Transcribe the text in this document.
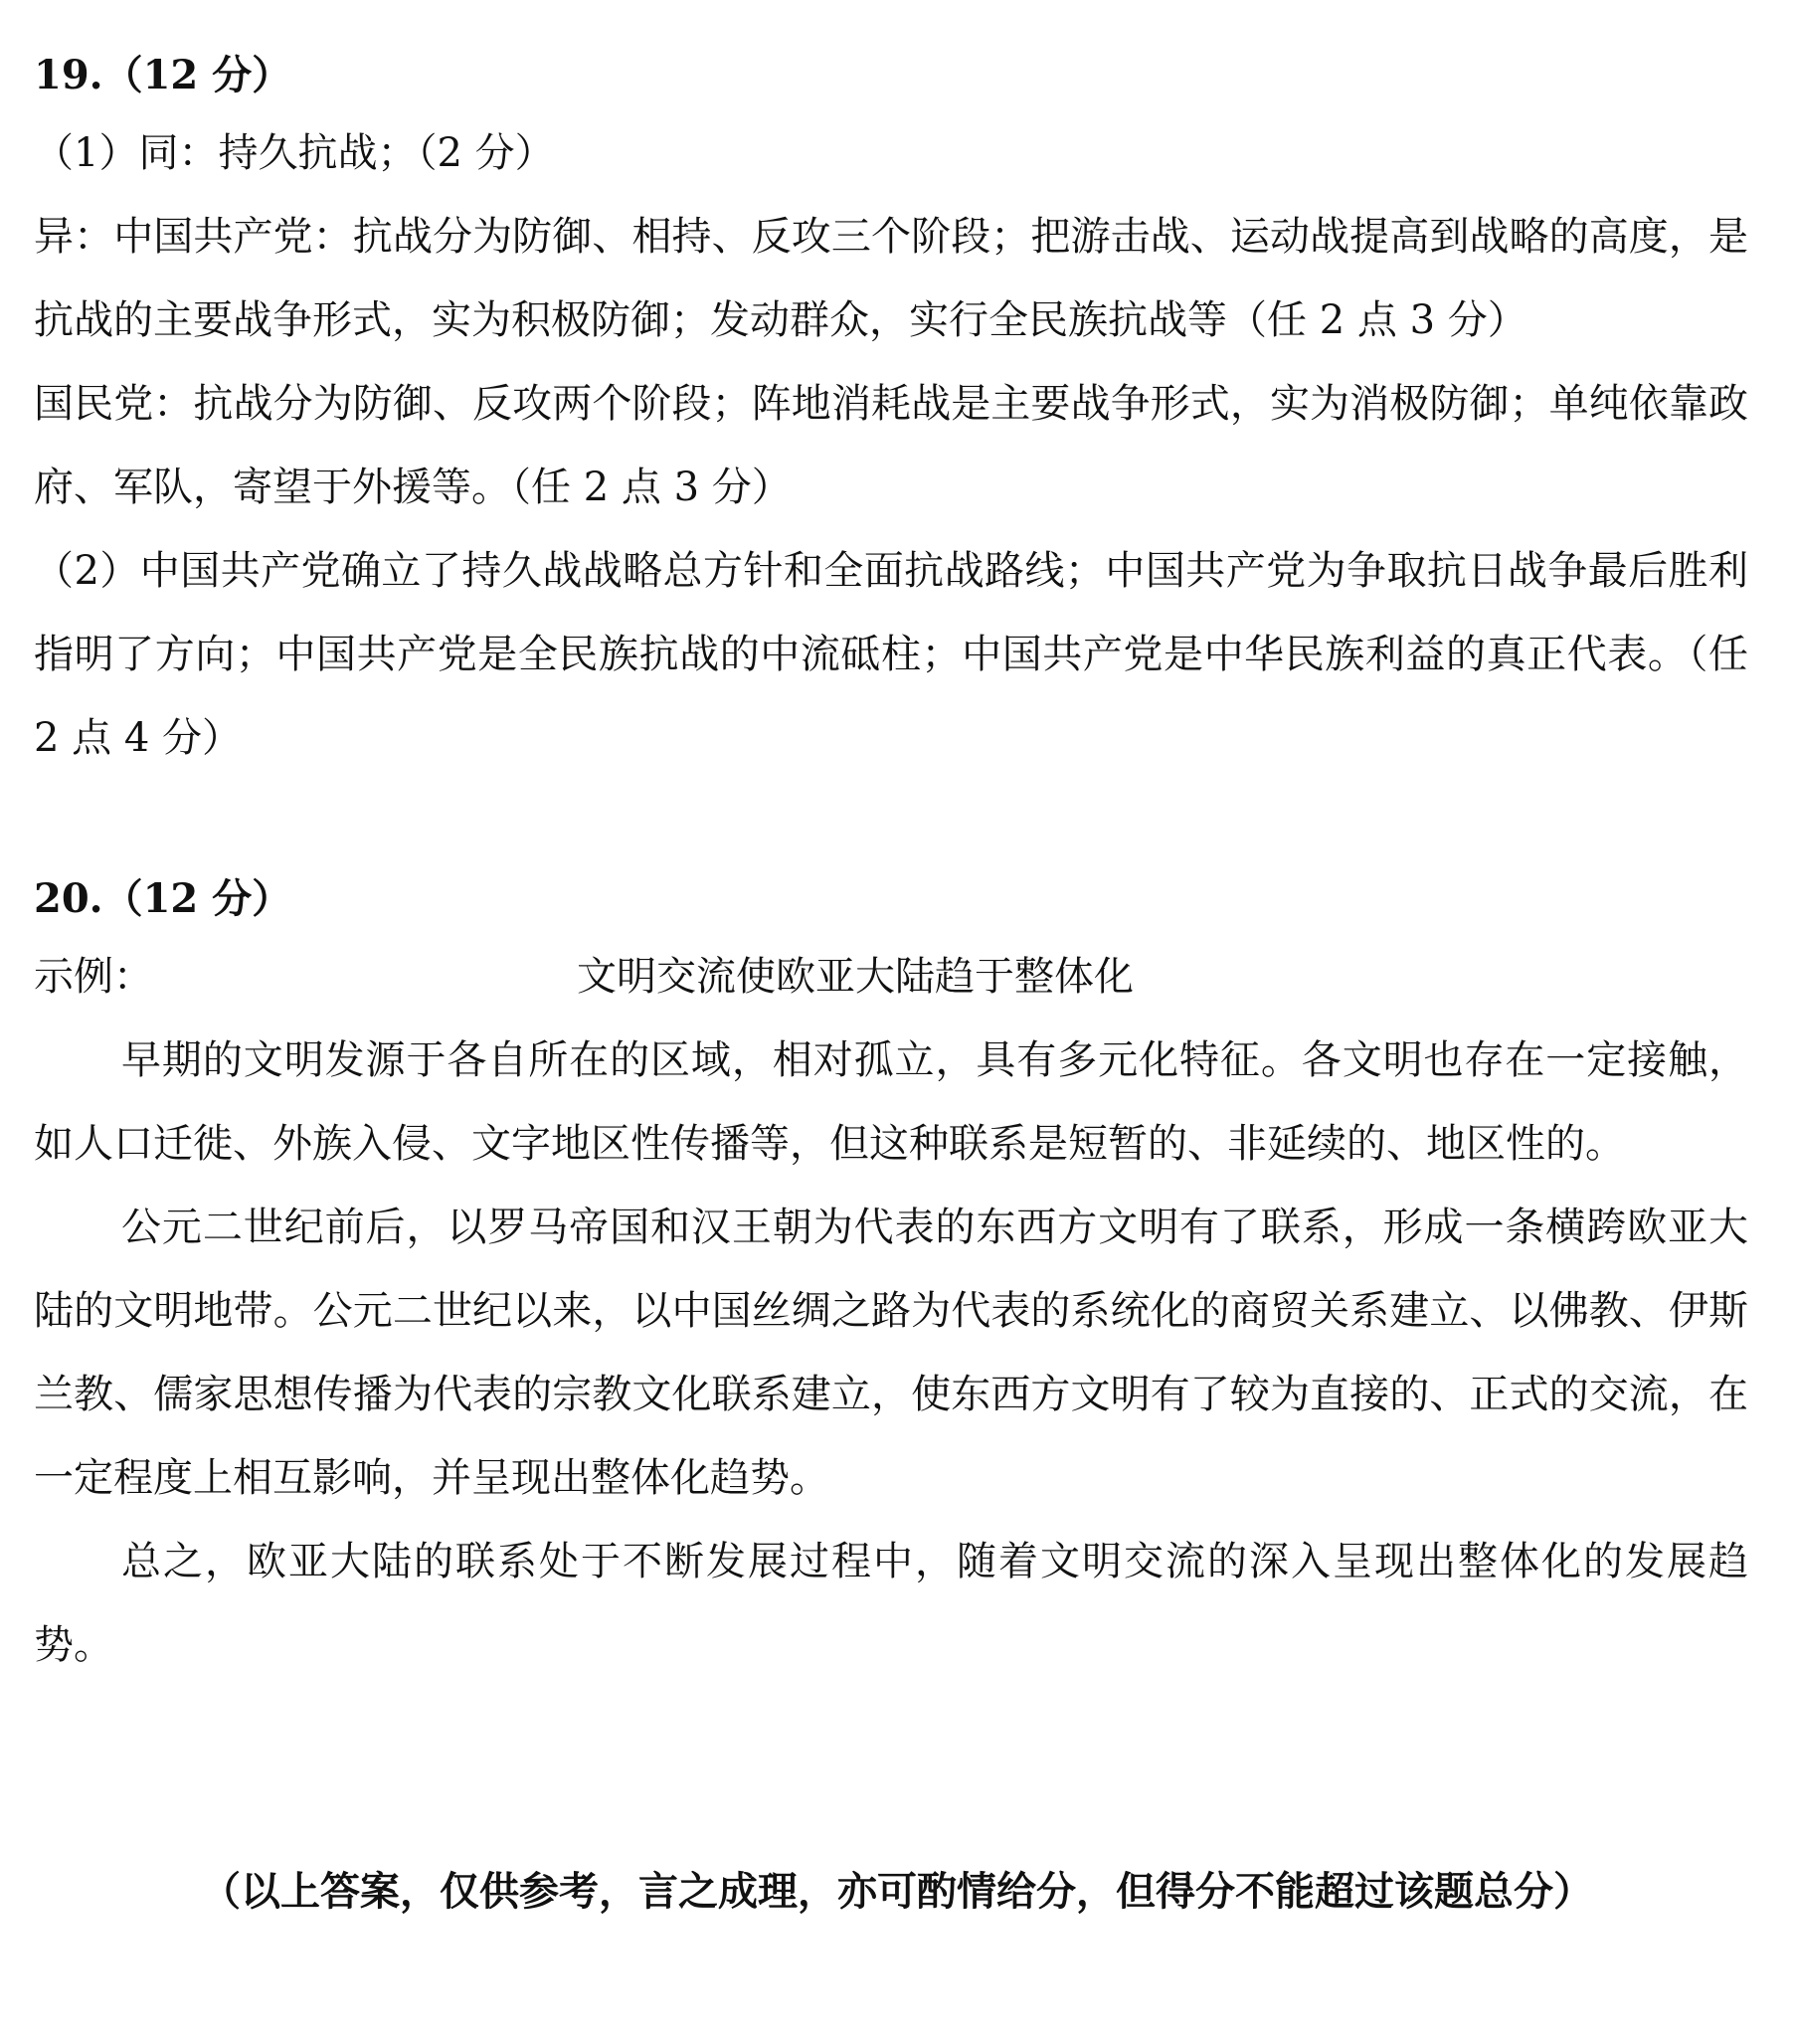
19.（12 分）

（1）同：持久抗战；（2 分）

异：中国共产党：抗战分为防御、相持、反攻三个阶段；把游击战、运动战提高到战略的高度，是抗战的主要战争形式，实为积极防御；发动群众，实行全民族抗战等（任 2 点 3 分）

国民党：抗战分为防御、反攻两个阶段；阵地消耗战是主要战争形式，实为消极防御；单纯依靠政府、军队，寄望于外援等。（任 2 点 3 分）

（2）中国共产党确立了持久战战略总方针和全面抗战路线；中国共产党为争取抗日战争最后胜利指明了方向；中国共产党是全民族抗战的中流砥柱；中国共产党是中华民族利益的真正代表。（任 2 点 4 分）

20.（12 分）
示例：	文明交流使欧亚大陆趋于整体化

早期的文明发源于各自所在的区域，相对孤立，具有多元化特征。各文明也存在一定接触，如人口迁徙、外族入侵、文字地区性传播等，但这种联系是短暂的、非延续的、地区性的。

公元二世纪前后，以罗马帝国和汉王朝为代表的东西方文明有了联系，形成一条横跨欧亚大陆的文明地带。公元二世纪以来，以中国丝绸之路为代表的系统化的商贸关系建立、以佛教、伊斯兰教、儒家思想传播为代表的宗教文化联系建立，使东西方文明有了较为直接的、正式的交流，在一定程度上相互影响，并呈现出整体化趋势。

总之，欧亚大陆的联系处于不断发展过程中，随着文明交流的深入呈现出整体化的发展趋势。

（以上答案，仅供参考，言之成理，亦可酌情给分，但得分不能超过该题总分）
